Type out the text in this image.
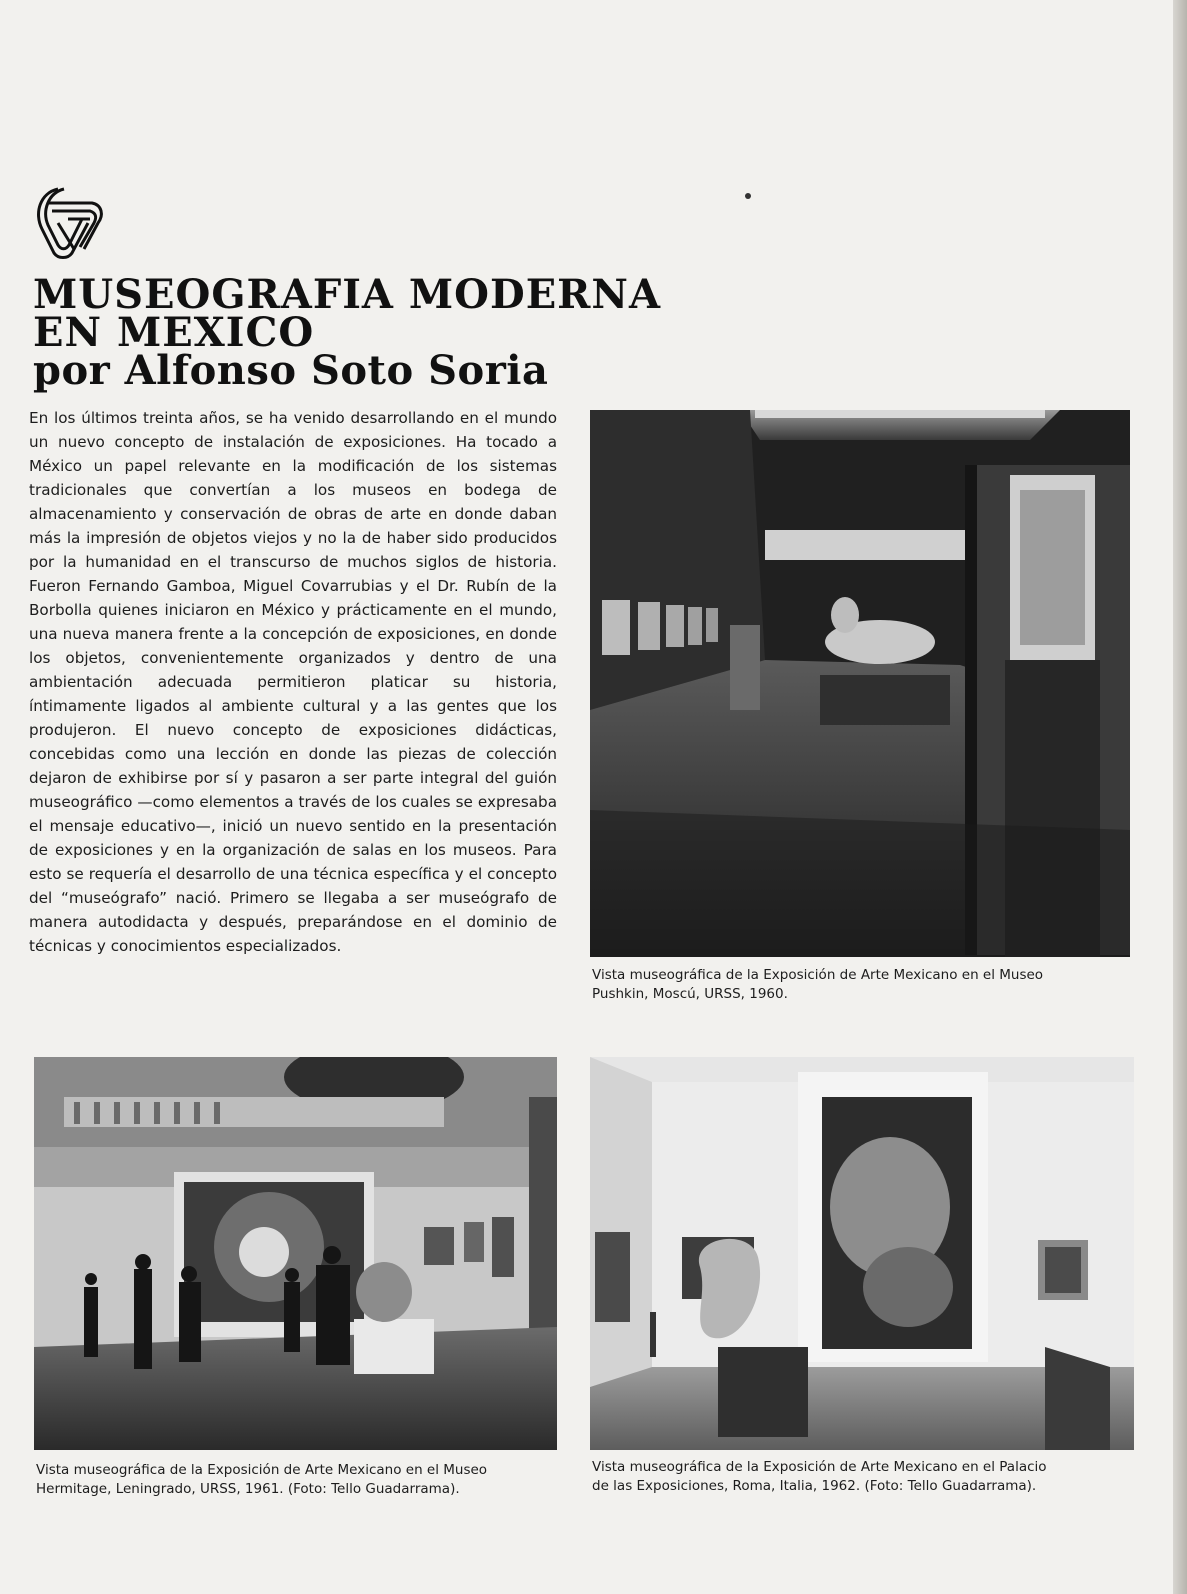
MUSEOGRAFIA MODERNA
EN MEXICO
por Alfonso Soto Soria

En los últimos treinta años, se ha venido desarrollando en el mundo un nuevo concepto de instalación de exposiciones. Ha tocado a México un papel relevante en la modificación de los sistemas tradicionales que convertían a los museos en bodega de almacenamiento y conservación de obras de arte en donde daban más la impresión de objetos viejos y no la de haber sido producidos por la humanidad en el transcurso de muchos siglos de historia. Fueron Fernando Gamboa, Miguel Covarrubias y el Dr. Rubín de la Borbolla quienes iniciaron en México y prácticamente en el mundo, una nueva manera frente a la concepción de exposiciones, en donde los objetos, convenientemente organizados y dentro de una ambientación adecuada permitieron platicar su historia, íntimamente ligados al ambiente cultural y a las gentes que los produjeron. El nuevo concepto de exposiciones didácticas, concebidas como una lección en donde las piezas de colección dejaron de exhibirse por sí y pasaron a ser parte integral del guión museográfico —como elementos a través de los cuales se expresaba el mensaje educativo—, inició un nuevo sentido en la presentación de exposiciones y en la organización de salas en los museos. Para esto se requería el desarrollo de una técnica específica y el concepto del “museógrafo” nació. Primero se llegaba a ser museógrafo de manera autodidacta y después, preparándose en el dominio de técnicas y conocimientos especializados.

Vista museográfica de la Exposición de Arte Mexicano en el Museo Pushkin, Moscú, URSS, 1960.

Vista museográfica de la Exposición de Arte Mexicano en el Museo Hermitage, Leningrado, URSS, 1961. (Foto: Tello Guadarrama).

Vista museográfica de la Exposición de Arte Mexicano en el Palacio de las Exposiciones, Roma, Italia, 1962. (Foto: Tello Guadarrama).
